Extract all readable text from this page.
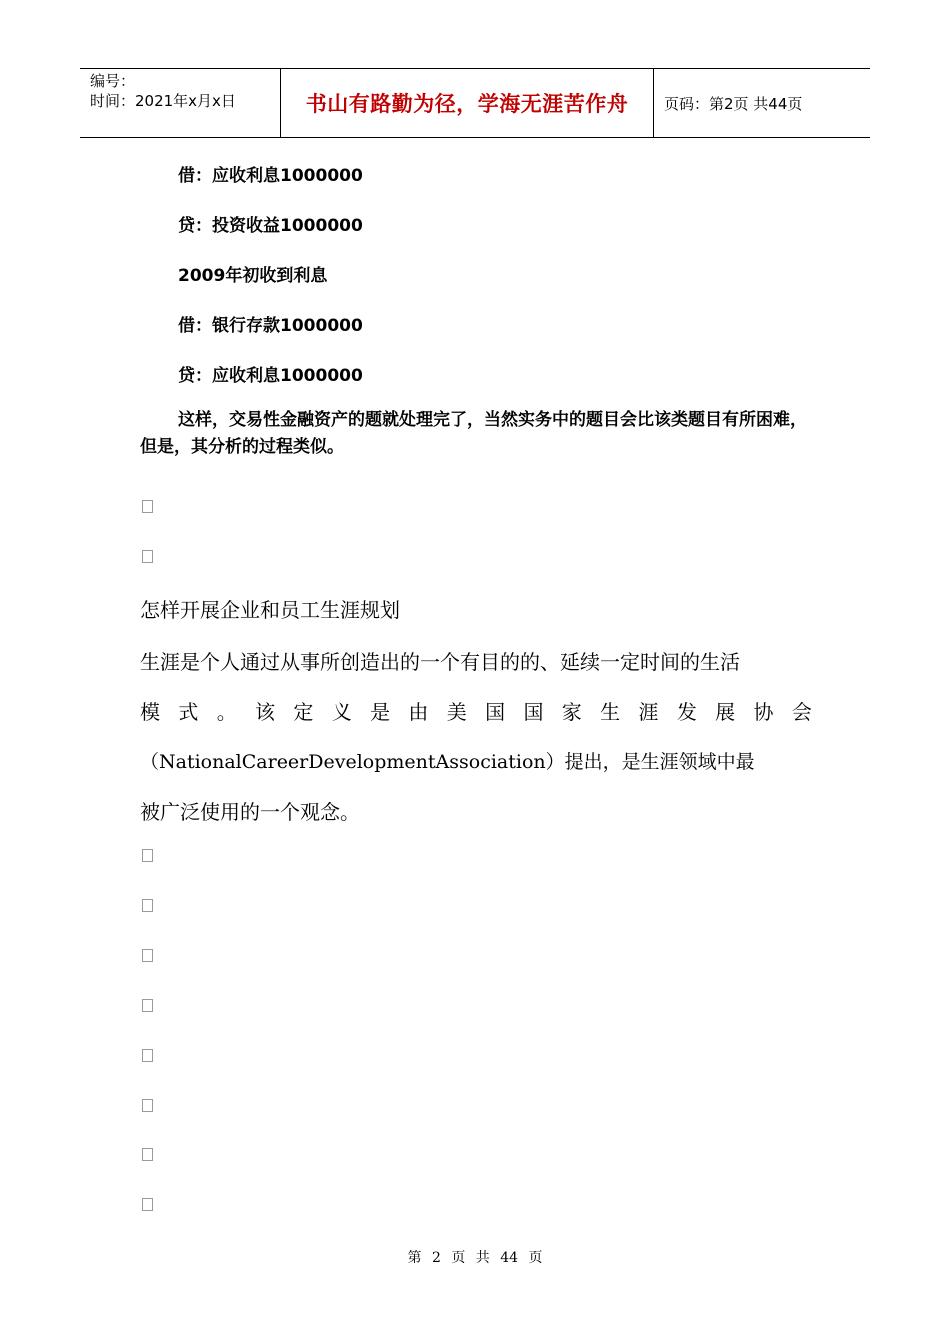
编号：
时间：2021年x月x日	书山有路勤为径，学海无涯苦作舟	页码：第2页 共44页
借：应收利息1000000
贷：投资收益1000000
2009年初收到利息
借：银行存款1000000
贷：应收利息1000000
这样，交易性金融资产的题就处理完了，当然实务中的题目会比该类题目有所困难，但是，其分析的过程类似。
怎样开展企业和员工生涯规划
生涯是个人通过从事所创造出的一个有目的的、延续一定时间的生活
模 式 。 该 定 义 是 由 美 国 国 家 生 涯 发 展 协 会
（NationalCareerDevelopmentAssociation）提出，是生涯领域中最
被广泛使用的一个观念。
第 2 页 共 44 页
